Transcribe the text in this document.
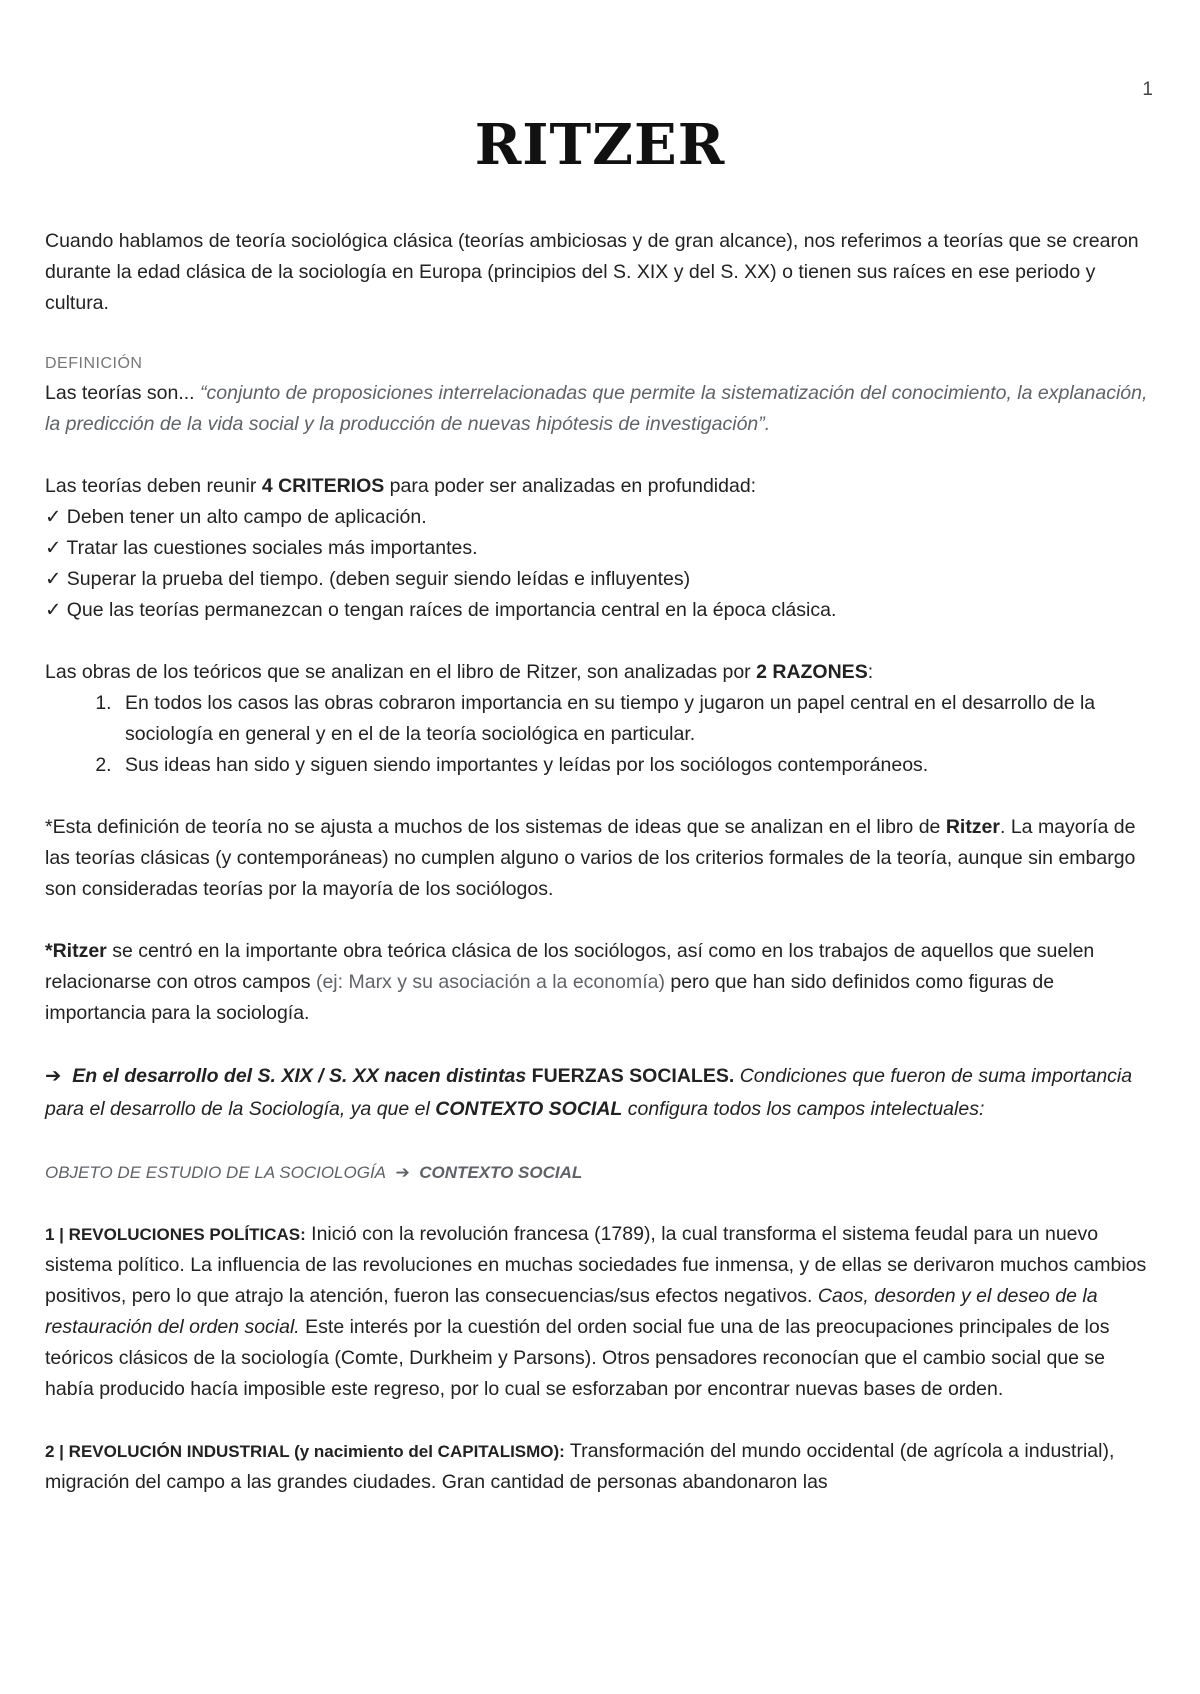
1
RITZER

Cuando hablamos de teoría sociológica clásica (teorías ambiciosas y de gran alcance), nos referimos a teorías que se crearon durante la edad clásica de la sociología en Europa (principios del S. XIX y del S. XX) o tienen sus raíces en ese periodo y cultura.

DEFINICIÓN

Las teorías son... “conjunto de proposiciones interrelacionadas que permite la sistematización del conocimiento, la explanación, la predicción de la vida social y la producción de nuevas hipótesis de investigación”.

Las teorías deben reunir 4 CRITERIOS para poder ser analizadas en profundidad:

✓ Deben tener un alto campo de aplicación.
✓ Tratar las cuestiones sociales más importantes.
✓ Superar la prueba del tiempo. (deben seguir siendo leídas e influyentes)
✓ Que las teorías permanezcan o tengan raíces de importancia central en la época clásica.

Las obras de los teóricos que se analizan en el libro de Ritzer, son analizadas por 2 RAZONES:

1. En todos los casos las obras cobraron importancia en su tiempo y jugaron un papel central en el desarrollo de la sociología en general y en el de la teoría sociológica en particular.
2. Sus ideas han sido y siguen siendo importantes y leídas por los sociólogos contemporáneos.

*Esta definición de teoría no se ajusta a muchos de los sistemas de ideas que se analizan en el libro de Ritzer. La mayoría de las teorías clásicas (y contemporáneas) no cumplen alguno o varios de los criterios formales de la teoría, aunque sin embargo son consideradas teorías por la mayoría de los sociólogos.

*Ritzer se centró en la importante obra teórica clásica de los sociólogos, así como en los trabajos de aquellos que suelen relacionarse con otros campos (ej: Marx y su asociación a la economía) pero que han sido definidos como figuras de importancia para la sociología.

➔ En el desarrollo del S. XIX / S. XX nacen distintas FUERZAS SOCIALES. Condiciones que fueron de suma importancia para el desarrollo de la Sociología, ya que el CONTEXTO SOCIAL configura todos los campos intelectuales:

OBJETO DE ESTUDIO DE LA SOCIOLOGÍA ➔ CONTEXTO SOCIAL

1 | REVOLUCIONES POLÍTICAS: Inició con la revolución francesa (1789), la cual transforma el sistema feudal para un nuevo sistema político. La influencia de las revoluciones en muchas sociedades fue inmensa, y de ellas se derivaron muchos cambios positivos, pero lo que atrajo la atención, fueron las consecuencias/sus efectos negativos. Caos, desorden y el deseo de la restauración del orden social. Este interés por la cuestión del orden social fue una de las preocupaciones principales de los teóricos clásicos de la sociología (Comte, Durkheim y Parsons). Otros pensadores reconocían que el cambio social que se había producido hacía imposible este regreso, por lo cual se esforzaban por encontrar nuevas bases de orden.

2 | REVOLUCIÓN INDUSTRIAL (y nacimiento del CAPITALISMO): Transformación del mundo occidental (de agrícola a industrial), migración del campo a las grandes ciudades. Gran cantidad de personas abandonaron las
